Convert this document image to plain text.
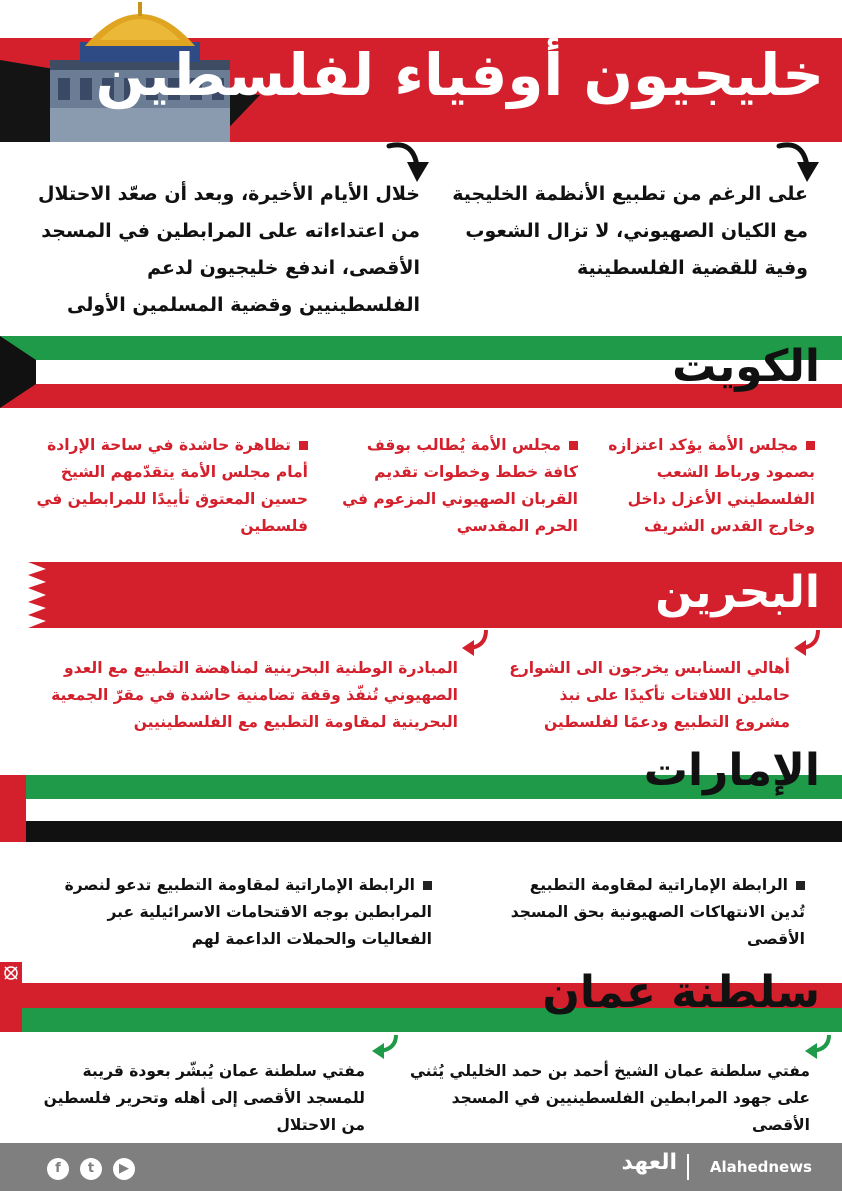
خليجيون أوفياء لفلسطين
على الرغم من تطبيع الأنظمة الخليجية مع الكيان الصهيوني، لا تزال الشعوب وفية للقضية الفلسطينية
خلال الأيام الأخيرة، وبعد أن صعّد الاحتلال من اعتداءاته على المرابطين في المسجد الأقصى، اندفع خليجيون لدعم الفلسطينيين وقضية المسلمين الأولى
الكويت
مجلس الأمة يؤكد اعتزازه بصمود ورباط الشعب الفلسطيني الأعزل داخل وخارج القدس الشريف
مجلس الأمة يُطالب بوقف كافة خطط وخطوات تقديم القربان الصهيوني المزعوم في الحرم المقدسي
تظاهرة حاشدة في ساحة الإرادة أمام مجلس الأمة يتقدّمهم الشيخ حسين المعتوق تأييدًا للمرابطين في فلسطين
البحرين
أهالي السنابس يخرجون الى الشوارع حاملين اللافتات تأكيدًا على نبذ مشروع التطبيع ودعمًا لفلسطين
المبادرة الوطنية البحرينية لمناهضة التطبيع مع العدو الصهيوني تُنفّذ وقفة تضامنية حاشدة في مقرّ الجمعية البحرينية لمقاومة التطبيع مع الفلسطينيين
الإمارات
الرابطة الإماراتية لمقاومة التطبيع تُدين الانتهاكات الصهيونية بحق المسجد الأقصى
الرابطة الإماراتية لمقاومة التطبيع تدعو لنصرة المرابطين بوجه الاقتحامات الاسرائيلية عبر الفعاليات والحملات الداعمة لهم
سلطنة عمان
مفتي سلطنة عمان الشيخ أحمد بن حمد الخليلي يُثني على جهود المرابطين الفلسطينيين في المسجد الأقصى
مفتي سلطنة عمان يُبشّر بعودة قريبة للمسجد الأقصى إلى أهله وتحرير فلسطين من الاحتلال
Alahednews
العهد
f	t	▶
